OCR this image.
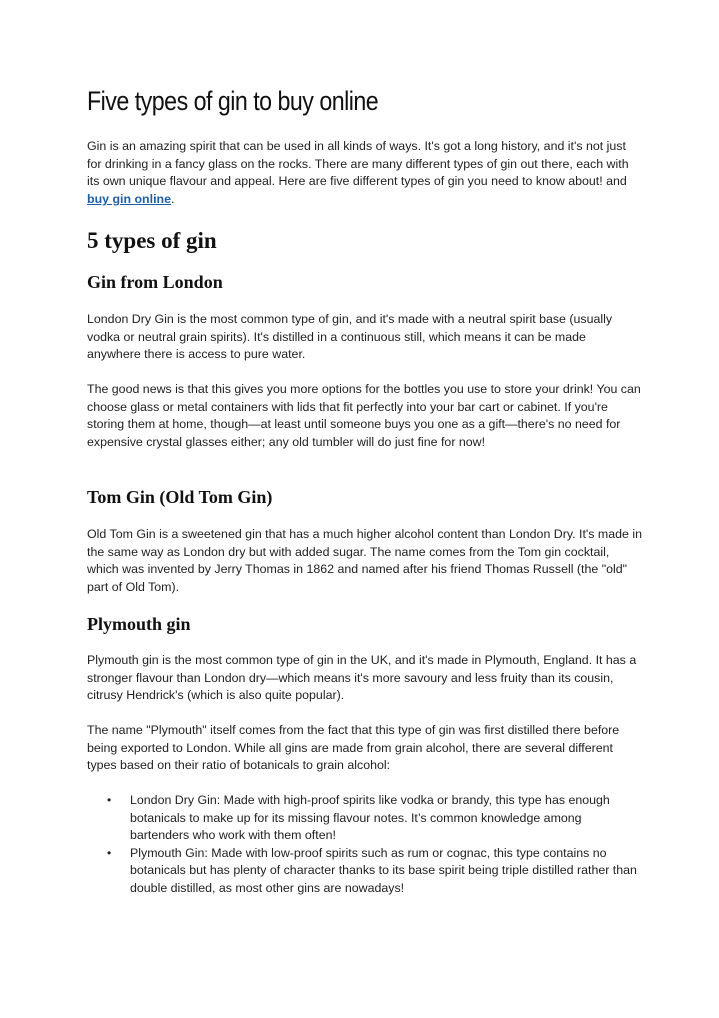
Five types of gin to buy online

Gin is an amazing spirit that can be used in all kinds of ways. It's got a long history, and it's not just for drinking in a fancy glass on the rocks. There are many different types of gin out there, each with its own unique flavour and appeal. Here are five different types of gin you need to know about! and buy gin online.

5 types of gin
Gin from London

London Dry Gin is the most common type of gin, and it's made with a neutral spirit base (usually vodka or neutral grain spirits). It's distilled in a continuous still, which means it can be made anywhere there is access to pure water.

The good news is that this gives you more options for the bottles you use to store your drink! You can choose glass or metal containers with lids that fit perfectly into your bar cart or cabinet. If you're storing them at home, though—at least until someone buys you one as a gift—there's no need for expensive crystal glasses either; any old tumbler will do just fine for now!

Tom Gin (Old Tom Gin)

Old Tom Gin is a sweetened gin that has a much higher alcohol content than London Dry. It's made in the same way as London dry but with added sugar. The name comes from the Tom gin cocktail, which was invented by Jerry Thomas in 1862 and named after his friend Thomas Russell (the "old" part of Old Tom).

Plymouth gin

Plymouth gin is the most common type of gin in the UK, and it's made in Plymouth, England. It has a stronger flavour than London dry—which means it's more savoury and less fruity than its cousin, citrusy Hendrick's (which is also quite popular).

The name "Plymouth" itself comes from the fact that this type of gin was first distilled there before being exported to London. While all gins are made from grain alcohol, there are several different types based on their ratio of botanicals to grain alcohol:

• London Dry Gin: Made with high-proof spirits like vodka or brandy, this type has enough botanicals to make up for its missing flavour notes. It’s common knowledge among bartenders who work with them often!
• Plymouth Gin: Made with low-proof spirits such as rum or cognac, this type contains no botanicals but has plenty of character thanks to its base spirit being triple distilled rather than double distilled, as most other gins are nowadays!
